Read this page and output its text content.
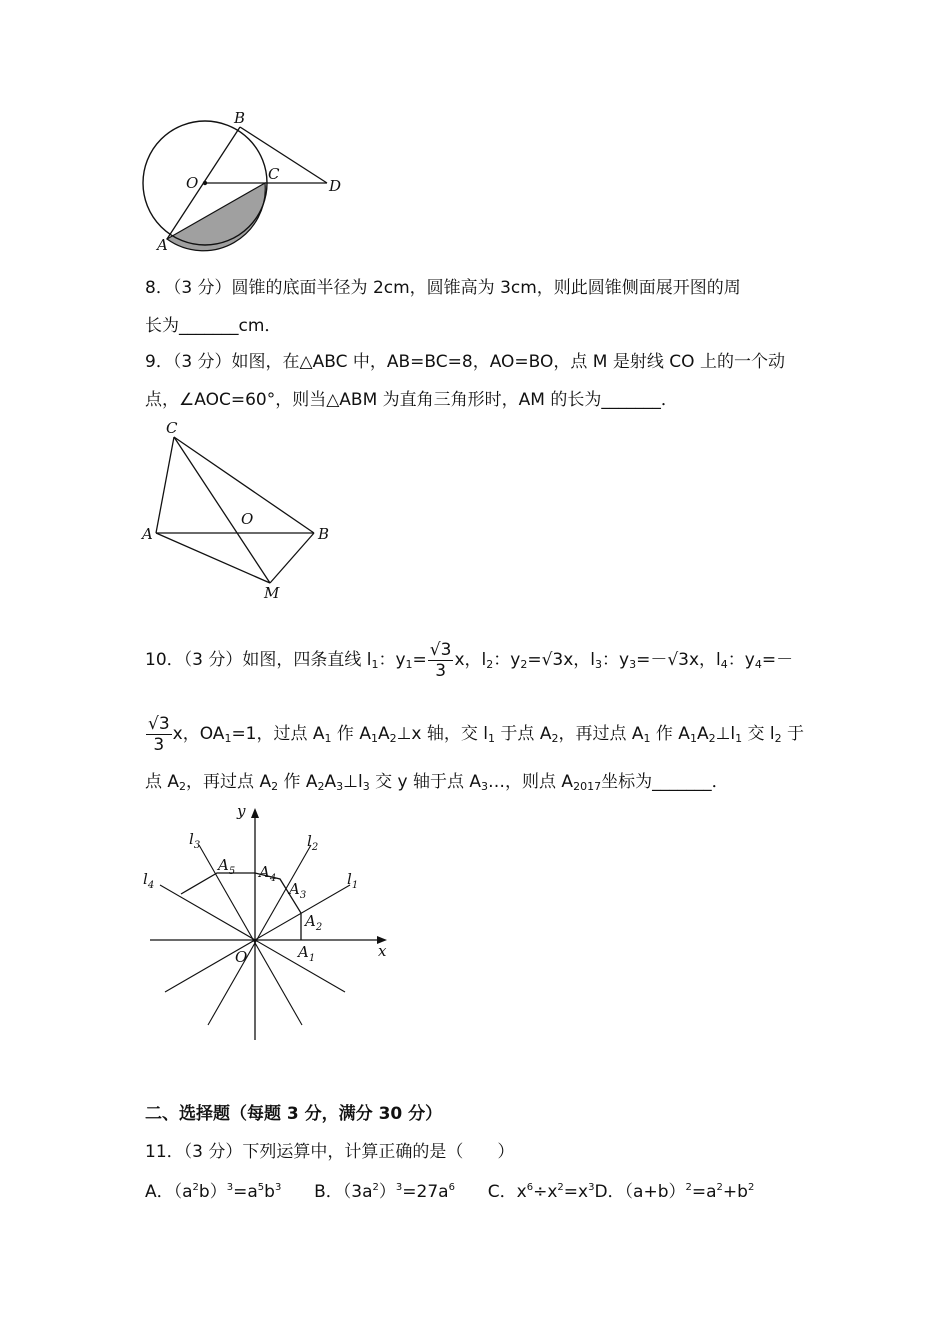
B
O	C
D
A
8．（3 分）圆锥的底面半径为 2cm，圆锥高为 3cm，则此圆锥侧面展开图的周
长为_______cm．
9．（3 分）如图，在△ABC 中，AB=BC=8，AO=BO，点 M 是射线 CO 上的一个动
点，∠AOC=60°，则当△ABM 为直角三角形时，AM 的长为_______．
C
A
O
B
M
10．（3 分）如图，四条直线 $l_1$：$y_1= \frac{√3}{3}$ x，$l_2$：$y_2=√3x$，$l_3$：$y_3=-√3x$，$l_4$：$y_4=-$
$\frac{√3}{3}$ x，$OA_1=1$，过点 $A_1$ 作 $A_1A_2\perp x$ 轴，交 $l_1$ 于点 $A_2$，再过点 $A_1$ 作 $A_1A_2\perp l_1$ 交 $l_2$ 于
点 $A_2$，再过点 $A_2$ 作 $A_2A_3\perp l_3$ 交 y 轴于点 $A_3\dots$，则点 $A_{2017}$坐标为_______．
y
x
O
$l_1$
$l_2$
$l_3$
$l_4$
$A_1$
$A_2$
$A_3$
$A_4$
$A_5$
二、选择题（每题 3 分，满分 30 分）
11．（3 分）下列运算中，计算正确的是（　　）
A．$(a^2b)^3=a^5b^3$ B．$(3a^2)^3=27a^6$ C．$x^6\div x^2=x^3D$．$(a+b)^2=a^2+b^2$
